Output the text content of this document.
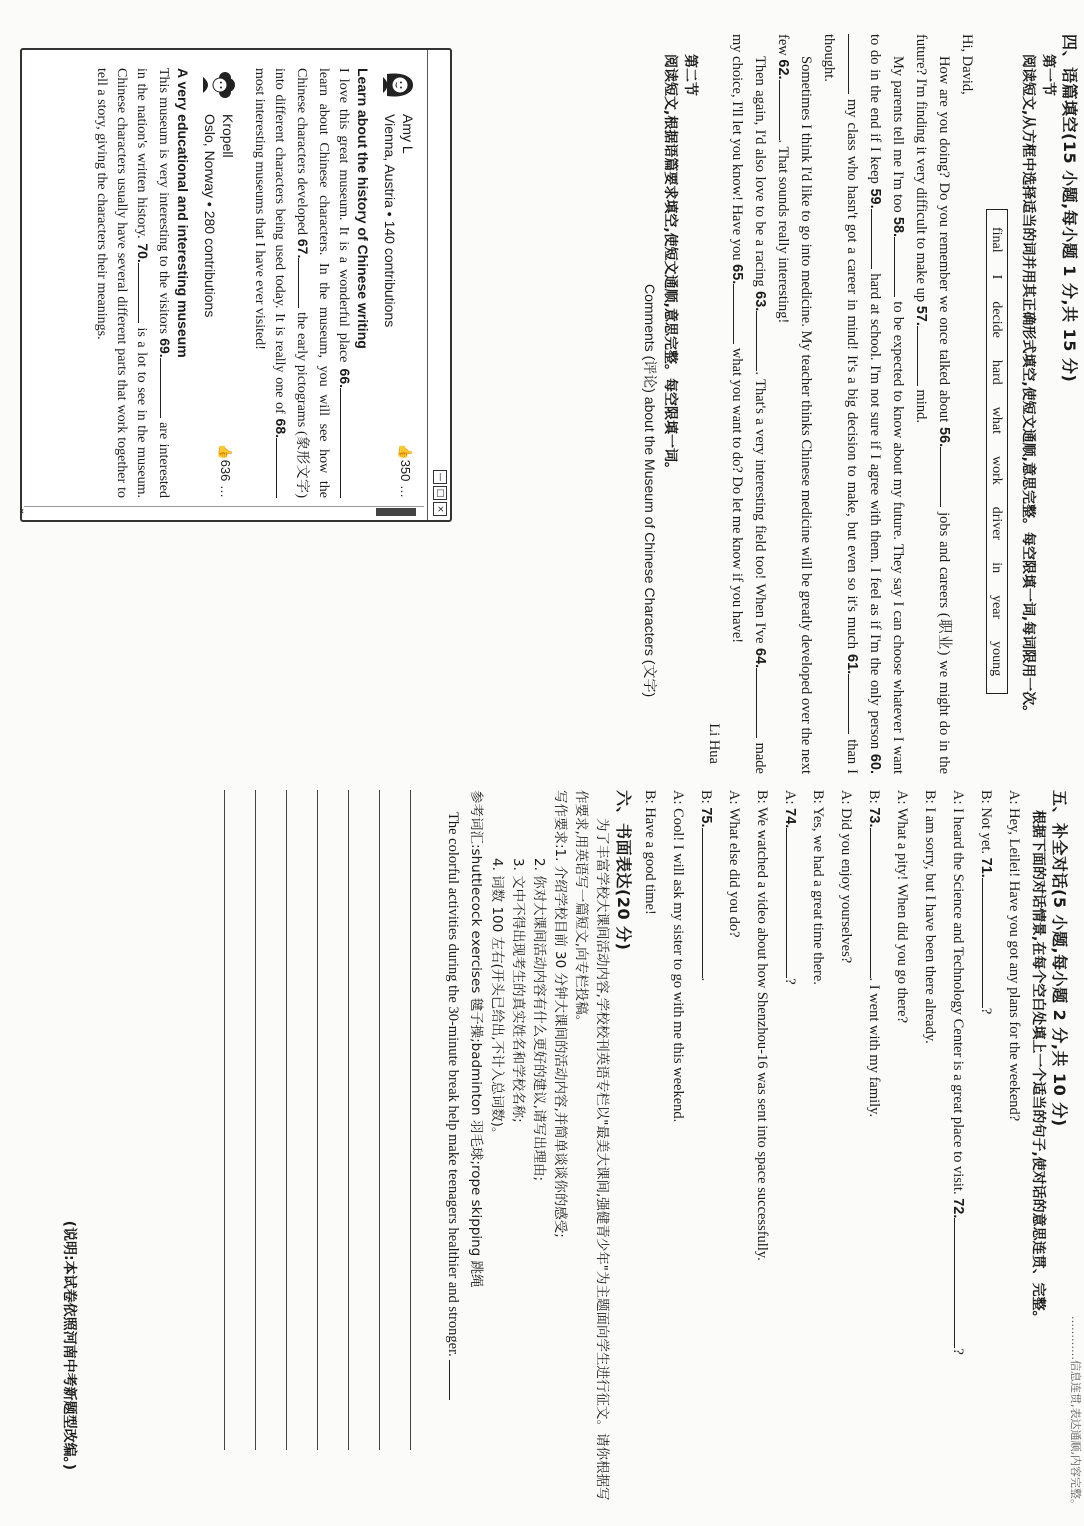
四、语篇填空(15 小题,每小题 1 分,共 15 分)

第一节

阅读短文,从方框中选择适当的词并用其正确形式填空,使短文通顺,意思完整。每空限填一词,每词限用一次。

final I decide hard what work driver in year young

Hi, David,

How are you doing? Do you remember we once talked about 56. jobs and careers (职业) we might do in the future? I'm finding it very difficult to make up 57. mind.

My parents tell me I'm too 58. to be expected to know about my future. They say I can choose whatever I want to do in the end if I keep 59. hard at school. I'm not sure if I agree with them. I feel as if I'm the only person 60. my class who hasn't got a career in mind! It's a big decision to make, but even so it's much 61. than I thought.

Sometimes I think I'd like to go into medicine. My teacher thinks Chinese medicine will be greatly developed over the next few 62.. That sounds really interesting!

Then again, I'd also love to be a racing 63.. That's a very interesting field too! When I've 64. made my choice, I'll let you know! Have you 65. what you want to do? Do let me know if you have!

Li Hua

第二节

阅读短文,根据语篇要求填空,使短文通顺,意思完整。每空限填一词。

Comments (评论) about the Museum of Chinese Characters (文字)

—
□
×
⌄
Amy L
Vienna, Austria • 140 contributions
👍350 …
Learn about the history of Chinese writing
I love this great museum. It is a wonderful place 66. learn about Chinese characters. In the museum, you will see how the Chinese characters developed 67. the early pictograms (象形文字) into different characters being used today. It is really one of 68. most interesting museums that I have ever visited!
Kropell
Oslo, Norway • 280 contributions
👍636 …
A very educational and interesting museum
This museum is very interesting to the visitors 69. are interested in the nation's written history. 70. is a lot to see in the museum. Chinese characters usually have several different parts that work together to tell a story, giving the characters their meanings.

…………信息连贯,表达通顺,内容完整。

五、补全对话(5 小题,每小题 2 分,共 10 分)

根据下面的对话情景,在每个空白处填上一个适当的句子,使对话的意思连贯、完整。

A: Hey, Leilei! Have you got any plans for the weekend?

B: Not yet. 71.?

A: I heard the Science and Technology Center is a great place to visit. 72.?

B: I am sorry, but I have been there already.

A: What a pity! When did you go there?

B: 73.. I went with my family.

A: Did you enjoy yourselves?

B: Yes, we had a great time there.

A: 74.?

B: We watched a video about how Shenzhou-16 was sent into space successfully.

A: What else did you do?

B: 75..

A: Cool! I will ask my sister to go with me this weekend.

B: Have a good time!

六、书面表达(20 分)

为了丰富学校大课间活动内容,学校校刊英语专栏以"最美大课间,强健青少年"为主题面向学生进行征文。请你根据写作要求,用英语写一篇短文,向专栏投稿。

写作要求:1. 介绍学校目前 30 分钟大课间的活动内容,并简单谈谈你的感受;

2. 你对大课间活动内容有什么更好的建议,请写出理由;

3. 文中不得出现考生的真实姓名和学校名称;

4. 词数 100 左右(开头已给出,不计入总词数)。

参考词汇:shuttlecock exercises 毽子操;badminton 羽毛球;rope skipping 跳绳

The colorful activities during the 30-minute break help make teenagers healthier and stronger.

(说明:本试卷依照河南中考新题型改编。)
